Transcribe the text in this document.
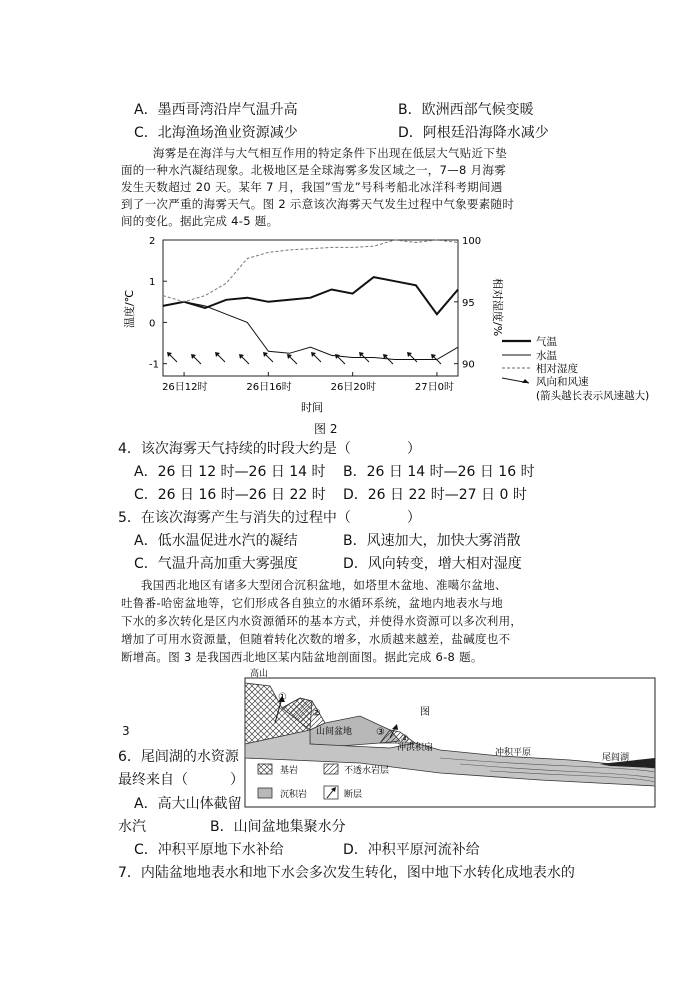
A．墨西哥湾沿岸气温升高	B．欧洲西部气候变暖
C．北海渔场渔业资源减少	D．阿根廷沿海降水减少
海雾是在海洋与大气相互作用的特定条件下出现在低层大气贴近下垫
面的一种水汽凝结现象。北极地区是全球海雾多发区域之一，7—8 月海雾
发生天数超过 20 天。某年 7 月，我国”雪龙”号科考船北冰洋科考期间遇
到了一次严重的海雾天气。图 2 示意该次海雾天气发生过程中气象要素随时
间的变化。据此完成 4-5 题。
2
1
0
-1
100
95
90
26日12时	26日16时	26日20时	27日0时
温度/℃	相对湿度/%
时间
气温
水温
相对湿度
风向和风速
(箭头越长表示风速越大)
图 2
4．该次海雾天气持续的时段大约是（　　　　）
A．26 日 12 时—26 日 14 时 B．26 日 14 时—26 日 16 时
C．26 日 16 时—26 日 22 时 D．26 日 22 时—27 日 0 时
5．在该次海雾产生与消失的过程中（　　　　）
A．低水温促进水汽的凝结	B．风速加大，加快大雾消散
C．气温升高加重大雾强度	D．风向转变，增大相对湿度
我国西北地区有诸多大型闭合沉积盆地，如塔里木盆地、准噶尔盆地、
吐鲁番-哈密盆地等，它们形成各自独立的水循环系统，盆地内地表水与地
下水的多次转化是区内水资源循环的基本方式，并使得水资源可以多次利用，
增加了可用水资源量，但随着转化次数的增多，水质越来越差，盐碱度也不
断增高。图 3 是我国西北地区某内陆盆地剖面图。据此完成 6-8 题。
高山
①
②
山间盆地
图
③
④
冲洪积扇	冲积平原	尾闾湖
基岩	不透水岩层
沉积岩	断层
3
6．尾闾湖的水资源
最终来自（　　　）
A．高大山体截留
水汽	B．山间盆地集聚水分
C．冲积平原地下水补给	D．冲积平原河流补给
7．内陆盆地地表水和地下水会多次发生转化，图中地下水转化成地表水的
